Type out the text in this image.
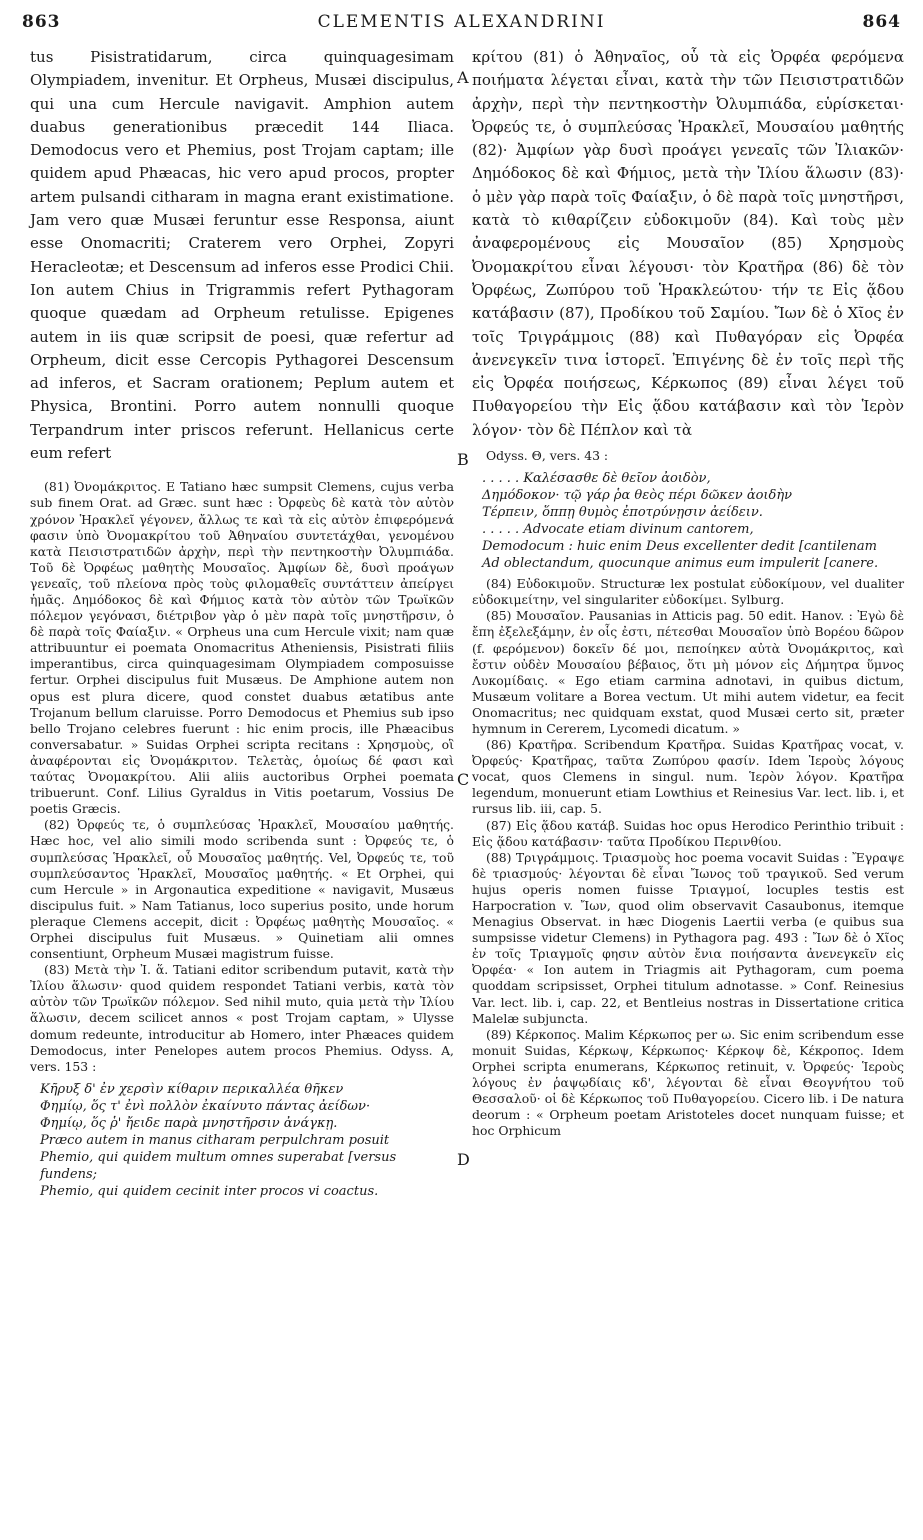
863	CLEMENTIS ALEXANDRINI	864
A
B
C
D

tus Pisistratidarum, circa quinquagesimam Olympiadem, invenitur. Et Orpheus, Musæi discipulus, qui una cum Hercule navigavit. Amphion autem duabus generationibus præcedit 144 Iliaca. Demodocus vero et Phemius, post Trojam captam; ille quidem apud Phæacas, hic vero apud procos, propter artem pulsandi citharam in magna erant existimatione. Jam vero quæ Musæi feruntur esse Responsa, aiunt esse Onomacriti; Craterem vero Orphei, Zopyri Heracleotæ; et Descensum ad inferos esse Prodici Chii. Ion autem Chius in Trigrammis refert Pythagoram quoque quædam ad Orpheum retulisse. Epigenes autem in iis quæ scripsit de poesi, quæ refertur ad Orpheum, dicit esse Cercopis Pythagorei Descensum ad inferos, et Sacram orationem; Peplum autem et Physica, Brontini. Porro autem nonnulli quoque Terpandrum inter priscos referunt. Hellanicus certe eum refert

(81) Ὀνομάκριτος. E Tatiano hæc sumpsit Clemens, cujus verba sub finem Orat. ad Græc. sunt hæc : Ὀρφεὺς δὲ κατὰ τὸν αὐτὸν χρόνον Ἡρακλεῖ γέγονεν, ἄλλως τε καὶ τὰ εἰς αὐτὸν ἐπιφερόμενά φασιν ὑπὸ Ὀνομακρίτου τοῦ Ἀθηναίου συντετάχθαι, γενομένου κατὰ Πεισιστρατιδῶν ἀρχὴν, περὶ τὴν πεντηκοστὴν Ὀλυμπιάδα. Τοῦ δὲ Ὀρφέως μαθητὴς Μουσαῖος. Ἀμφίων δὲ, δυσὶ προάγων γενεαῖς, τοῦ πλείονα πρὸς τοὺς φιλομαθεῖς συντάττειν ἀπείργει ἡμᾶς. Δημόδοκος δὲ καὶ Φήμιος κατὰ τὸν αὐτὸν τῶν Τρωϊκῶν πόλεμον γεγόνασι, διέτριβον γὰρ ὁ μὲν παρὰ τοῖς μνηστῆρσιν, ὁ δὲ παρὰ τοῖς Φαίαξιν. « Orpheus una cum Hercule vixit; nam quæ attribuuntur ei poemata Onomacritus Atheniensis, Pisistrati filiis imperantibus, circa quinquagesimam Olympiadem composuisse fertur. Orphei discipulus fuit Musæus. De Amphione autem non opus est plura dicere, quod constet duabus ætatibus ante Trojanum bellum claruisse. Porro Demodocus et Phemius sub ipso bello Trojano celebres fuerunt : hic enim procis, ille Phæacibus conversabatur. » Suidas Orphei scripta recitans : Χρησμοὺς, οἳ ἀναφέρονται εἰς Ὀνομάκριτον. Τελετὰς, ὁμοίως δέ φασι καὶ ταύτας Ὀνομακρίτου. Alii aliis auctoribus Orphei poemata tribuerunt. Conf. Lilius Gyraldus in Vitis poetarum, Vossius De poetis Græcis.

(82) Ὀρφεύς τε, ὁ συμπλεύσας Ἡρακλεῖ, Μουσαίου μαθητής. Hæc hoc, vel alio simili modo scribenda sunt : Ὀρφεύς τε, ὁ συμπλεύσας Ἡρακλεῖ, οὗ Μουσαῖος μαθητής. Vel, Ὀρφεύς τε, τοῦ συμπλεύσαντος Ἡρακλεῖ, Μουσαῖος μαθητής. « Et Orphei, qui cum Hercule » in Argonautica expeditione « navigavit, Musæus discipulus fuit. » Nam Tatianus, loco superius posito, unde horum pleraque Clemens accepit, dicit : Ὀρφέως μαθητὴς Μουσαῖος. « Orphei discipulus fuit Musæus. » Quinetiam alii omnes consentiunt, Orpheum Musæi magistrum fuisse.

(83) Μετὰ τὴν Ἰ. ἅ. Tatiani editor scribendum putavit, κατὰ τὴν Ἰλίου ἅλωσιν· quod quidem respondet Tatiani verbis, κατὰ τὸν αὐτὸν τῶν Τρωϊκῶν πόλεμον. Sed nihil muto, quia μετὰ τὴν Ἰλίου ἅλωσιν, decem scilicet annos « post Trojam captam, » Ulysse domum redeunte, introducitur ab Homero, inter Phæaces quidem Demodocus, inter Penelopes autem procos Phemius. Odyss. Α, vers. 153 :

Κῆρυξ δ' ἐν χερσὶν κίθαριν περικαλλέα θῆκεν

Φημίῳ, ὅς τ' ἐνὶ πολλὸν ἐκαίνυτο πάντας ἀείδων·

Φημίῳ, ὅς ῥ' ἤειδε παρὰ μνηστῆρσιν ἀνάγκῃ.

Præco autem in manus citharam perpulchram posuit

Phemio, qui quidem multum omnes superabat [versus fundens;

Phemio, qui quidem cecinit inter procos vi coactus.

κρίτου (81) ὁ Ἀθηναῖος, οὗ τὰ εἰς Ὀρφέα φερόμενα ποιήματα λέγεται εἶναι, κατὰ τὴν τῶν Πεισιστρατιδῶν ἀρχὴν, περὶ τὴν πεντηκοστὴν Ὀλυμπιάδα, εὑρίσκεται· Ὀρφεύς τε, ὁ συμπλεύσας Ἡρακλεῖ, Μουσαίου μαθητής (82)· Ἀμφίων γὰρ δυσὶ προάγει γενεαῖς τῶν Ἰλιακῶν· Δημόδοκος δὲ καὶ Φήμιος, μετὰ τὴν Ἰλίου ἅλωσιν (83)· ὁ μὲν γὰρ παρὰ τοῖς Φαίαξιν, ὁ δὲ παρὰ τοῖς μνηστῆρσι, κατὰ τὸ κιθαρίζειν εὐδοκιμοῦν (84). Καὶ τοὺς μὲν ἀναφερομένους εἰς Μουσαῖον (85) Χρησμοὺς Ὀνομακρίτου εἶναι λέγουσι· τὸν Κρατῆρα (86) δὲ τὸν Ὀρφέως, Ζωπύρου τοῦ Ἡρακλεώτου· τήν τε Εἰς ᾅδου κατάβασιν (87), Προδίκου τοῦ Σαμίου. Ἴων δὲ ὁ Χῖος ἐν τοῖς Τριγράμμοις (88) καὶ Πυθαγόραν εἰς Ὀρφέα ἀνενεγκεῖν τινα ἱστορεῖ. Ἐπιγένης δὲ ἐν τοῖς περὶ τῆς εἰς Ὀρφέα ποιήσεως, Κέρκωπος (89) εἶναι λέγει τοῦ Πυθαγορείου τὴν Εἰς ᾅδου κατάβασιν καὶ τὸν Ἱερὸν λόγον· τὸν δὲ Πέπλον καὶ τὰ

Odyss. Θ, vers. 43 :

. . . . . Καλέσασθε δὲ θεῖον ἀοιδὸν,

Δημόδοκον· τῷ γάρ ῥα θεὸς πέρι δῶκεν ἀοιδὴν

Τέρπειν, ὅππῃ θυμὸς ἐποτρύνῃσιν ἀείδειν.

. . . . . Advocate etiam divinum cantorem,

Demodocum : huic enim Deus excellenter dedit [cantilenam

Ad oblectandum, quocunque animus eum impulerit [canere.

(84) Εὐδοκιμοῦν. Structuræ lex postulat εὐδοκίμουν, vel dualiter εὐδοκιμείτην, vel singulariter εὐδοκίμει. Sylburg.

(85) Μουσαῖον. Pausanias in Atticis pag. 50 edit. Hanov. : Ἐγὼ δὲ ἔπη ἐξελεξάμην, ἐν οἷς ἐστι, πέτεσθαι Μουσαῖον ὑπὸ Βορέου δῶρον (f. φερόμενον) δοκεῖν δέ μοι, πεποίηκεν αὐτὰ Ὀνομάκριτος, καὶ ἔστιν οὐδὲν Μουσαίου βέβαιος, ὅτι μὴ μόνον εἰς Δήμητρα ὕμνος Λυκομίδαις. « Ego etiam carmina adnotavi, in quibus dictum, Musæum volitare a Borea vectum. Ut mihi autem videtur, ea fecit Onomacritus; nec quidquam exstat, quod Musæi certo sit, præter hymnum in Cererem, Lycomedi dicatum. »

(86) Κρατῆρα. Scribendum Κρατῆρα. Suidas Κρατῆρας vocat, v. Ὀρφεύς· Κρατῆρας, ταῦτα Ζωπύρου φασίν. Idem Ἱεροὺς λόγους vocat, quos Clemens in singul. num. Ἱερὸν λόγον. Κρατῆρα legendum, monuerunt etiam Lowthius et Reinesius Var. lect. lib. i, et rursus lib. iii, cap. 5.

(87) Εἰς ᾅδου κατάβ. Suidas hoc opus Herodico Perinthio tribuit : Εἰς ᾅδου κατάβασιν· ταῦτα Προδίκου Περινθίου.

(88) Τριγράμμοις. Τριασμοὺς hoc poema vocavit Suidas : Ἔγραψε δὲ τριασμούς· λέγονται δὲ εἶναι Ἴωνος τοῦ τραγικοῦ. Sed verum hujus operis nomen fuisse Τριαγμοί, locuples testis est Harpocration v. Ἴων, quod olim observavit Casaubonus, itemque Menagius Observat. in hæc Diogenis Laertii verba (e quibus sua sumpsisse videtur Clemens) in Pythagora pag. 493 : Ἴων δὲ ὁ Χῖος ἐν τοῖς Τριαγμοῖς φησιν αὐτὸν ἔνια ποιήσαντα ἀνενεγκεῖν εἰς Ὀρφέα· « Ion autem in Triagmis ait Pythagoram, cum poema quoddam scripsisset, Orphei titulum adnotasse. » Conf. Reinesius Var. lect. lib. i, cap. 22, et Bentleius nostras in Dissertatione critica Malelæ subjuncta.

(89) Κέρκοπος. Malim Κέρκωπος per ω. Sic enim scribendum esse monuit Suidas, Κέρκωψ, Κέρκωπος· Κέρκοψ δὲ, Κέκροπος. Idem Orphei scripta enumerans, Κέρκωπος retinuit, v. Ὀρφεύς· Ἱεροὺς λόγους ἐν ῥαψῳδίαις κδ', λέγονται δὲ εἶναι Θεογνήτου τοῦ Θεσσαλοῦ· οἱ δὲ Κέρκωπος τοῦ Πυθαγορείου. Cicero lib. i De natura deorum : « Orpheum poetam Aristoteles docet nunquam fuisse; et hoc Orphicum
